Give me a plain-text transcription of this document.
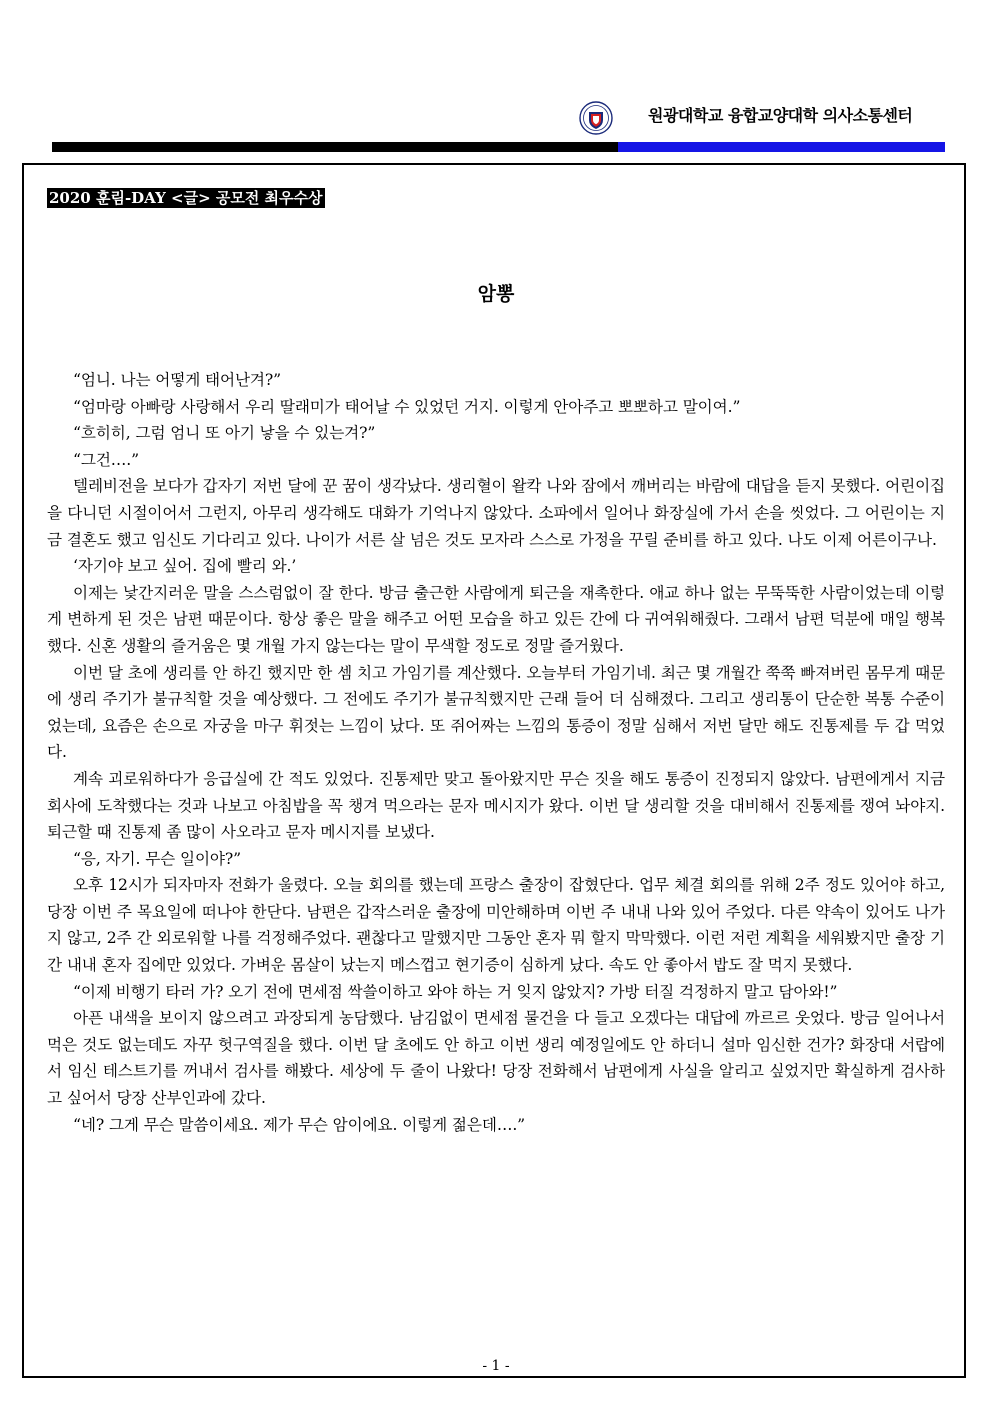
원광대학교 융합교양대학 의사소통센터
2020 훈림-DAY <글> 공모전 최우수상
암뽕

“엄니. 나는 어떻게 태어난겨?”

“엄마랑 아빠랑 사랑해서 우리 딸래미가 태어날 수 있었던 거지. 이렇게 안아주고 뽀뽀하고 말이여.”

“흐히히, 그럼 엄니 또 아기 낳을 수 있는겨?”

“그건….”

텔레비전을 보다가 갑자기 저번 달에 꾼 꿈이 생각났다. 생리혈이 왈칵 나와 잠에서 깨버리는 바람에 대답을 듣지 못했다. 어린이집을 다니던 시절이어서 그런지, 아무리 생각해도 대화가 기억나지 않았다. 소파에서 일어나 화장실에 가서 손을 씻었다. 그 어린이는 지금 결혼도 했고 임신도 기다리고 있다. 나이가 서른 살 넘은 것도 모자라 스스로 가정을 꾸릴 준비를 하고 있다. 나도 이제 어른이구나.

‘자기야 보고 싶어. 집에 빨리 와.’

이제는 낯간지러운 말을 스스럼없이 잘 한다. 방금 출근한 사람에게 퇴근을 재촉한다. 애교 하나 없는 무뚝뚝한 사람이었는데 이렇게 변하게 된 것은 남편 때문이다. 항상 좋은 말을 해주고 어떤 모습을 하고 있든 간에 다 귀여워해줬다. 그래서 남편 덕분에 매일 행복했다. 신혼 생활의 즐거움은 몇 개월 가지 않는다는 말이 무색할 정도로 정말 즐거웠다.

이번 달 초에 생리를 안 하긴 했지만 한 셈 치고 가임기를 계산했다. 오늘부터 가임기네. 최근 몇 개월간 쭉쭉 빠져버린 몸무게 때문에 생리 주기가 불규칙할 것을 예상했다. 그 전에도 주기가 불규칙했지만 근래 들어 더 심해졌다. 그리고 생리통이 단순한 복통 수준이었는데, 요즘은 손으로 자궁을 마구 휘젓는 느낌이 났다. 또 쥐어짜는 느낌의 통증이 정말 심해서 저번 달만 해도 진통제를 두 갑 먹었다.

계속 괴로워하다가 응급실에 간 적도 있었다. 진통제만 맞고 돌아왔지만 무슨 짓을 해도 통증이 진정되지 않았다. 남편에게서 지금 회사에 도착했다는 것과 나보고 아침밥을 꼭 챙겨 먹으라는 문자 메시지가 왔다. 이번 달 생리할 것을 대비해서 진통제를 쟁여 놔야지. 퇴근할 때 진통제 좀 많이 사오라고 문자 메시지를 보냈다.

“응, 자기. 무슨 일이야?”

오후 12시가 되자마자 전화가 울렸다. 오늘 회의를 했는데 프랑스 출장이 잡혔단다. 업무 체결 회의를 위해 2주 정도 있어야 하고, 당장 이번 주 목요일에 떠나야 한단다. 남편은 갑작스러운 출장에 미안해하며 이번 주 내내 나와 있어 주었다. 다른 약속이 있어도 나가지 않고, 2주 간 외로워할 나를 걱정해주었다. 괜찮다고 말했지만 그동안 혼자 뭐 할지 막막했다. 이런 저런 계획을 세워봤지만 출장 기간 내내 혼자 집에만 있었다. 가벼운 몸살이 났는지 메스껍고 현기증이 심하게 났다. 속도 안 좋아서 밥도 잘 먹지 못했다.

“이제 비행기 타러 가? 오기 전에 면세점 싹쓸이하고 와야 하는 거 잊지 않았지? 가방 터질 걱정하지 말고 담아와!”

아픈 내색을 보이지 않으려고 과장되게 농담했다. 남김없이 면세점 물건을 다 들고 오겠다는 대답에 까르르 웃었다. 방금 일어나서 먹은 것도 없는데도 자꾸 헛구역질을 했다. 이번 달 초에도 안 하고 이번 생리 예정일에도 안 하더니 설마 임신한 건가? 화장대 서랍에서 임신 테스트기를 꺼내서 검사를 해봤다. 세상에 두 줄이 나왔다! 당장 전화해서 남편에게 사실을 알리고 싶었지만 확실하게 검사하고 싶어서 당장 산부인과에 갔다.

“네? 그게 무슨 말씀이세요. 제가 무슨 암이에요. 이렇게 젊은데….”

- 1 -
